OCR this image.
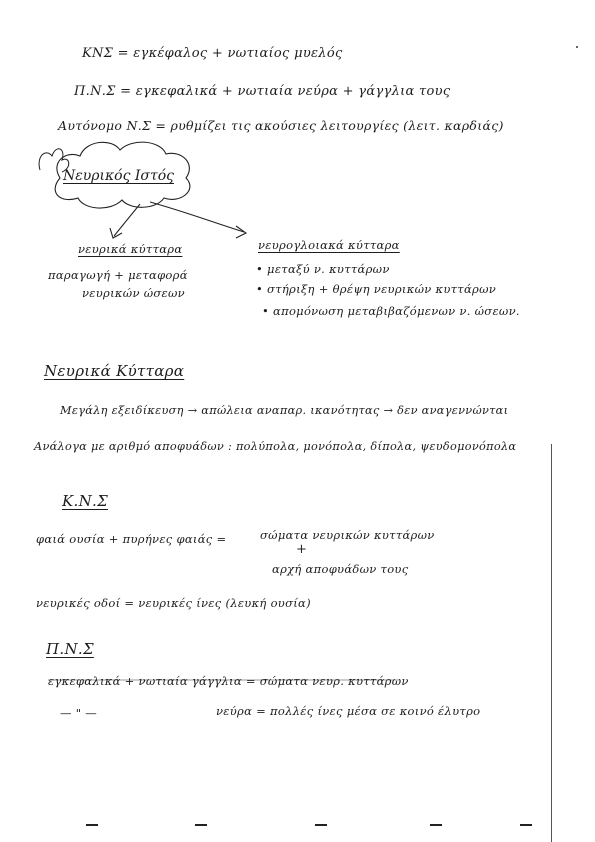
ΚΝΣ = εγκέφαλος + νωτιαίος μυελός
Π.Ν.Σ = εγκεφαλικά + νωτιαία νεύρα + γάγγλια τους
Αυτόνομο Ν.Σ = ρυθμίζει τις ακούσιες λειτουργίες (λειτ. καρδιάς)
Νευρικός Ιστός
νευρικά κύτταρα
παραγωγή + μεταφορά
νευρικών ώσεων
νευρογλοιακά κύτταρα
• μεταξύ ν. κυττάρων
• στήριξη + θρέψη νευρικών κυττάρων
• απομόνωση μεταβιβαζόμενων ν. ώσεων.
Νευρικά Κύτταρα
Μεγάλη εξειδίκευση → απώλεια αναπαρ. ικανότητας → δεν αναγεννώνται
Ανάλογα με αριθμό αποφυάδων : πολύπολα, μονόπολα, δίπολα, ψευδομονόπολα
Κ.Ν.Σ
φαιά ουσία + πυρήνες φαιάς =	σώματα νευρικών κυττάρων
+
αρχή αποφυάδων τους
νευρικές οδοί = νευρικές ίνες (λευκή ουσία)
Π.Ν.Σ
εγκεφαλικά + νωτιαία γάγγλια = σώματα νευρ. κυττάρων
— " —	νεύρα = πολλές ίνες μέσα σε κοινό έλυτρο
